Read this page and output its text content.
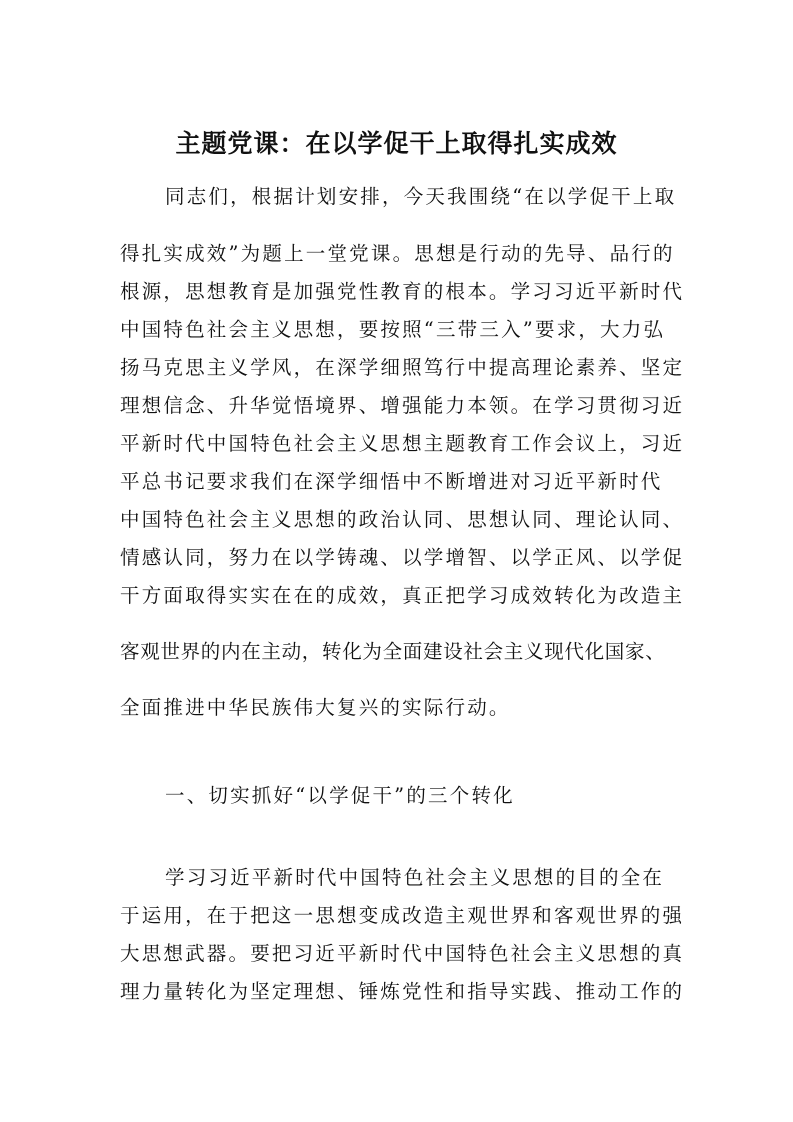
主题党课：在以学促干上取得扎实成效
同志们，根据计划安排，今天我围绕“在以学促干上取
得扎实成效”为题上一堂党课。思想是行动的先导、品行的
根源，思想教育是加强党性教育的根本。学习习近平新时代
中国特色社会主义思想，要按照“三带三入”要求，大力弘
扬马克思主义学风，在深学细照笃行中提高理论素养、坚定
理想信念、升华觉悟境界、增强能力本领。在学习贯彻习近
平新时代中国特色社会主义思想主题教育工作会议上，习近
平总书记要求我们在深学细悟中不断增进对习近平新时代
中国特色社会主义思想的政治认同、思想认同、理论认同、
情感认同，努力在以学铸魂、以学增智、以学正风、以学促
干方面取得实实在在的成效，真正把学习成效转化为改造主
客观世界的内在主动，转化为全面建设社会主义现代化国家、
全面推进中华民族伟大复兴的实际行动。
一、切实抓好“以学促干”的三个转化
学习习近平新时代中国特色社会主义思想的目的全在
于运用，在于把这一思想变成改造主观世界和客观世界的强
大思想武器。要把习近平新时代中国特色社会主义思想的真
理力量转化为坚定理想、锤炼党性和指导实践、推动工作的
